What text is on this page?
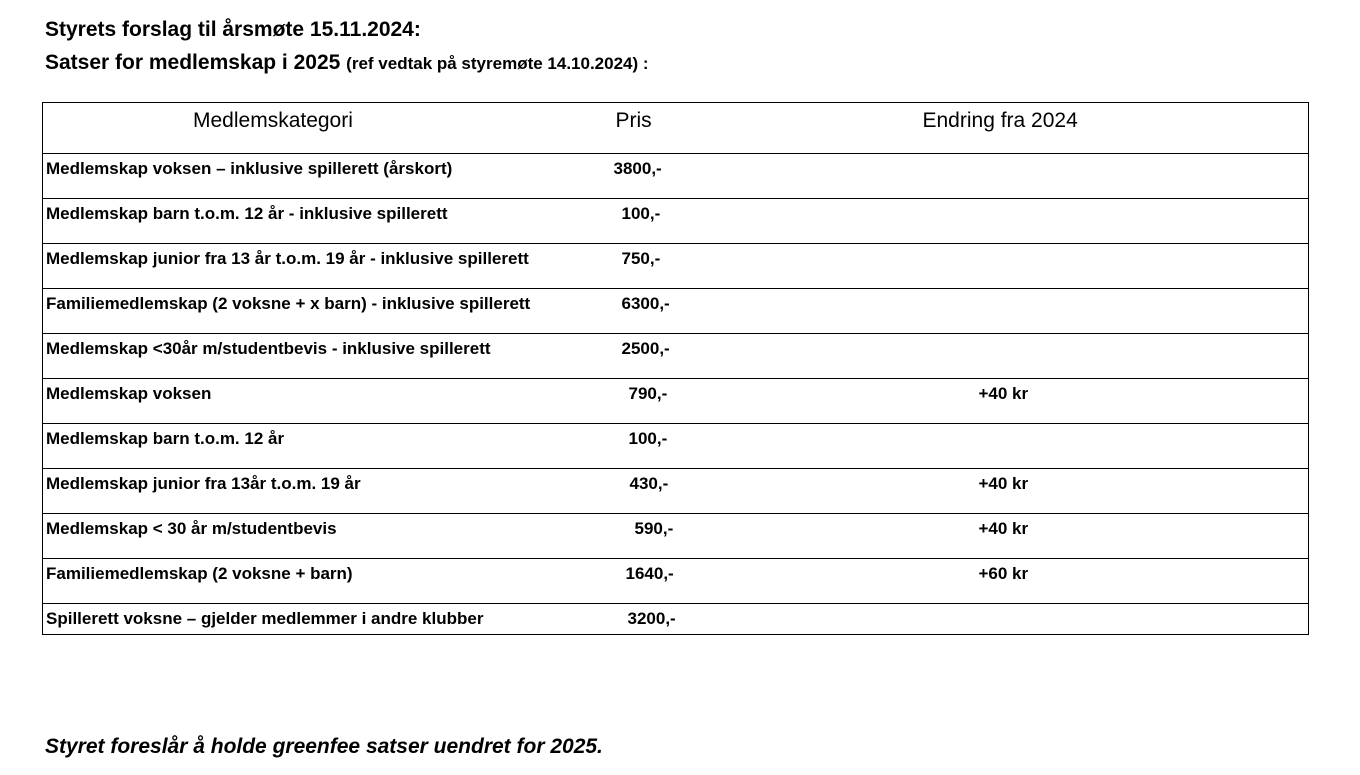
Styrets forslag til årsmøte 15.11.2024:
Satser for medlemskap i 2025 (ref vedtak på styremøte 14.10.2024) :
Medlemskategori	Pris	Endring fra 2024
Medlemskap voksen – inklusive spillerett (årskort)	3800,-	
Medlemskap barn t.o.m. 12 år - inklusive spillerett	100,-	
Medlemskap junior fra 13 år t.o.m. 19 år - inklusive spillerett	750,-	
Familiemedlemskap (2 voksne + x barn) - inklusive spillerett	6300,-	
Medlemskap <30år m/studentbevis - inklusive spillerett	2500,-	
Medlemskap voksen	790,-	+40 kr
Medlemskap barn t.o.m. 12 år	100,-	
Medlemskap junior fra 13år t.o.m. 19 år	430,-	+40 kr
Medlemskap < 30 år m/studentbevis	590,-	+40 kr
Familiemedlemskap (2 voksne + barn)	1640,-	+60 kr
Spillerett voksne – gjelder medlemmer i andre klubber	3200,-	
Styret foreslår å holde greenfee satser uendret for 2025.
